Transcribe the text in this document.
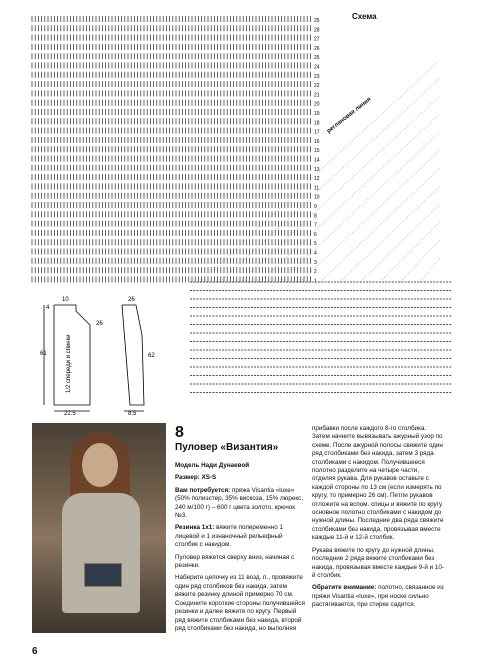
25
28
27
26
25
24
23
22
21
20
19
18
17
16
15
14
13
12
11
10
9
8
7
6
5
4
3
2
1
Схема
реглановая линия
10
4
26
61	1/2 спереди и спинки
22,5
26
62
8,5
8
Пуловер «Византия»

Модель Нади Дунаевой

Размер: XS-S

Вам потребуется: пряжа Visantia «luxe» (50% полиэстер, 35% вискоза, 15% люрекс, 240 м/100 г) – 600 г цвета золото, крючок №3.

Резинка 1х1: вяжите попеременно 1 лицевой и 1 изнаночный рельефный столбик с накидом.

Пуловер вяжется сверху вниз, начиная с резинки.

Наберите цепочку из 11 возд. п., провяжите один ряд столбиков без накида, затем вяжите резинку длиной примерно 70 см. Соедините короткие стороны получившейся резинки и далее вяжите по кругу. Первый ряд вяжите столбиками без накида, второй ряд столбиками без накида, но выполняя

прибавки после каждого 8-го столбика. Затем начните вывязывать ажурный узор по схеме. После ажурной полосы свяжите один ряд столбиками без накида, затем 3 ряда столбиками с накидом. Получившееся полотно разделите на четыре части, отделяя рукава. Для рукавов оставьте с каждой стороны по 13 см (если измерять по кругу, то примерно 26 см). Петли рукавов отложите на вспом. спицы и вяжите по кругу основное полотно столбиками с накидом до нужной длины. Последние два ряда свяжите столбиками без накида, провязывая вместе каждые 11-й и 12-й столбик.

Рукава вяжите по кругу до нужной длины, последние 2 ряда вяжите столбиками без накида, провязывая вместе каждые 9-й и 10-й столбик.

Обратите внимание: полотно, связанное из пряжи Visantia «luxe», при носке сильно растягивается, при стирке садится.

6
